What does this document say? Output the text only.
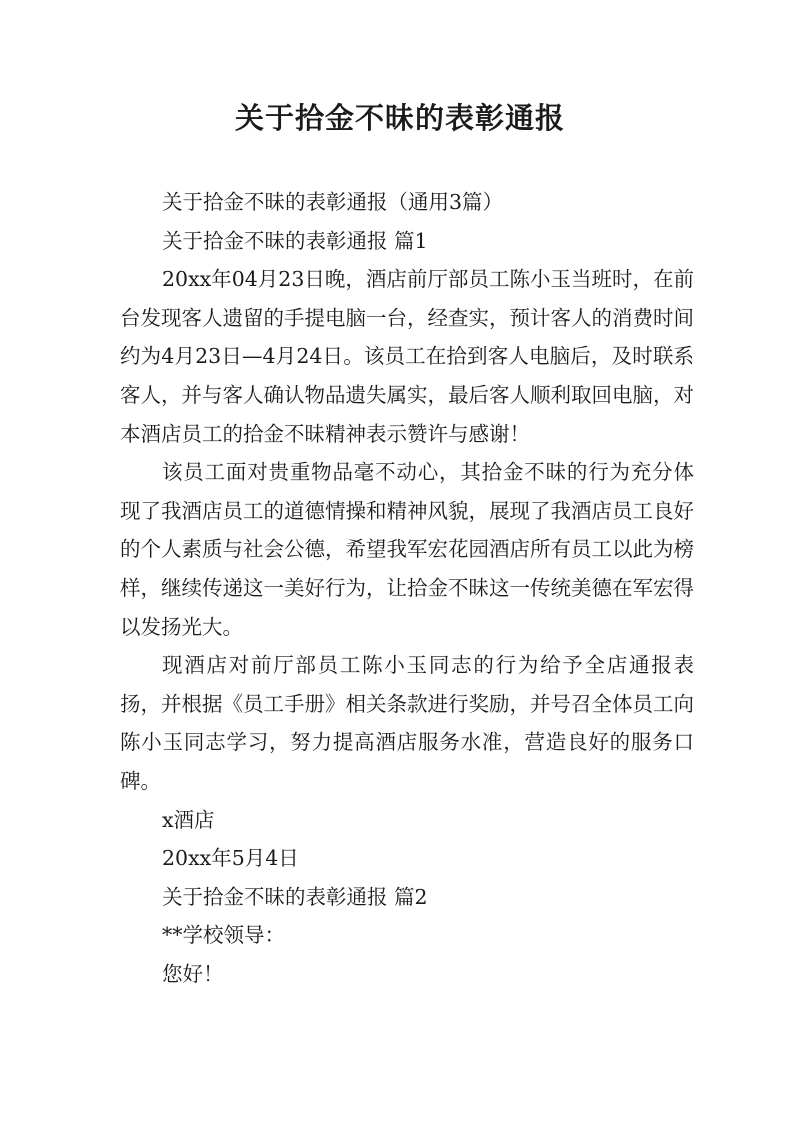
关于拾金不昧的表彰通报

关于拾金不昧的表彰通报（通用3篇）

关于拾金不昧的表彰通报 篇1

20xx年04月23日晚，酒店前厅部员工陈小玉当班时，在前台发现客人遗留的手提电脑一台，经查实，预计客人的消费时间约为4月23日—4月24日。该员工在拾到客人电脑后，及时联系客人，并与客人确认物品遗失属实，最后客人顺利取回电脑，对本酒店员工的拾金不昧精神表示赞许与感谢！

该员工面对贵重物品毫不动心，其拾金不昧的行为充分体现了我酒店员工的道德情操和精神风貌，展现了我酒店员工良好的个人素质与社会公德，希望我军宏花园酒店所有员工以此为榜样，继续传递这一美好行为，让拾金不昧这一传统美德在军宏得以发扬光大。

现酒店对前厅部员工陈小玉同志的行为给予全店通报表扬，并根据《员工手册》相关条款进行奖励，并号召全体员工向陈小玉同志学习，努力提高酒店服务水准，营造良好的服务口碑。

x酒店

20xx年5月4日

关于拾金不昧的表彰通报 篇2

**学校领导：

您好！
